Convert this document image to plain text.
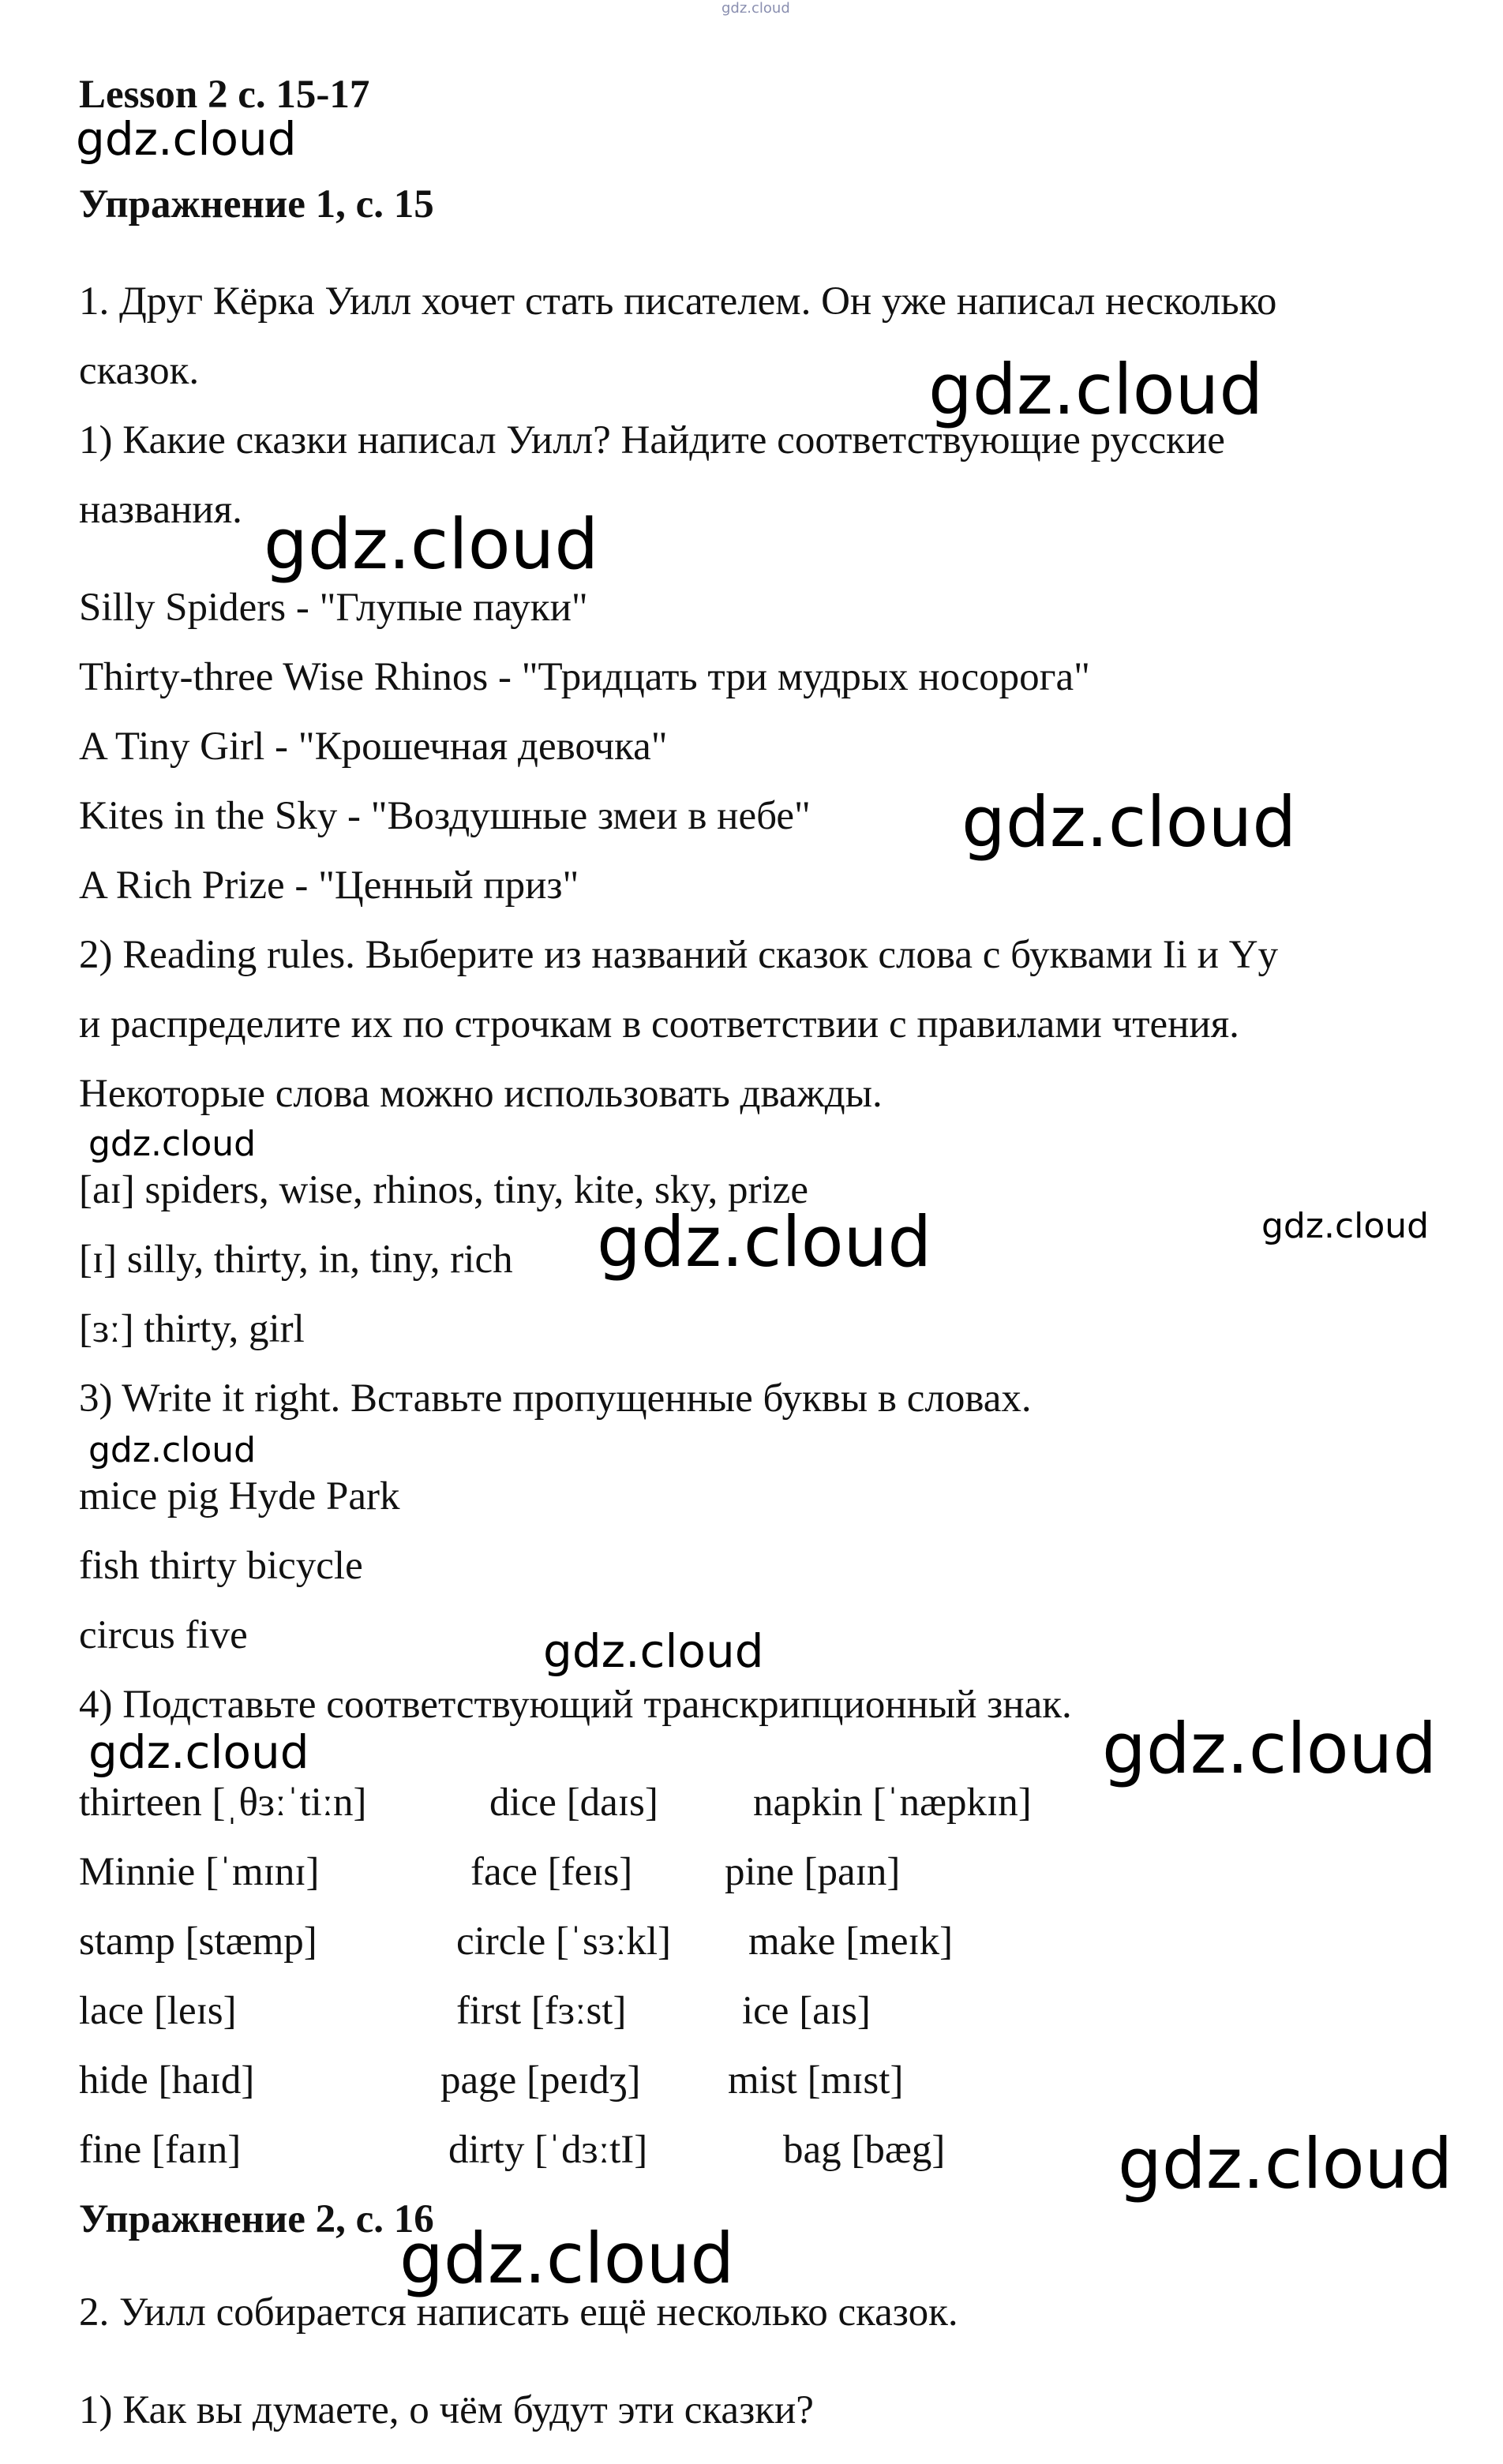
gdz.cloud
Lesson 2 с. 15-17
gdz.cloud
Упражнение 1, с. 15
1. Друг Кёрка Уилл хочет стать писателем. Он уже написал несколько
сказок.	gdz.cloud
1) Какие сказки написал Уилл? Найдите соответствующие русские
названия. gdz.cloud
Silly Spiders - "Глупые пауки"
Thirty-three Wise Rhinos - "Тридцать три мудрых носорога"
A Tiny Girl - "Крошечная девочка"
Kites in the Sky - "Воздушные змеи в небе" gdz.cloud
A Rich Prize - "Ценный приз"
2) Reading rules. Выберите из названий сказок слова с буквами Ii и Yy
и распределите их по строчкам в соответствии с правилами чтения.
Некоторые слова можно использовать дважды.
gdz.cloud
[aɪ] spiders, wise, rhinos, tiny, kite, sky, prize
[ɪ] silly, thirty, in, tiny, rich gdz.cloud	gdz.cloud
[ɜː] thirty, girl
3) Write it right. Вставьте пропущенные буквы в словах.
gdz.cloud
mice pig Hyde Park
fish thirty bicycle
circus five	gdz.cloud
4) Подставьте соответствующий транскрипционный знак.
gdz.cloud	gdz.cloud
thirteen [ˌθɜːˈtiːn]	dice [daɪs] napkin [ˈnæpkɪn]
Minnie [ˈmɪnɪ]	face [feɪs] pine [paɪn]
stamp [stæmp]	circle [ˈsɜːkl] make [meɪk]
lace [leɪs]	first [fɜːst]	ice [aɪs]
hide [haɪd]	page [peɪdʒ] mist [mɪst]
fine [faɪn]	dirty [ˈdɜːtI]	bag [bæg] gdz.cloud
Упражнение 2, с. 16
gdz.cloud
2. Уилл собирается написать ещё несколько сказок.
1) Как вы думаете, о чём будут эти сказки?
